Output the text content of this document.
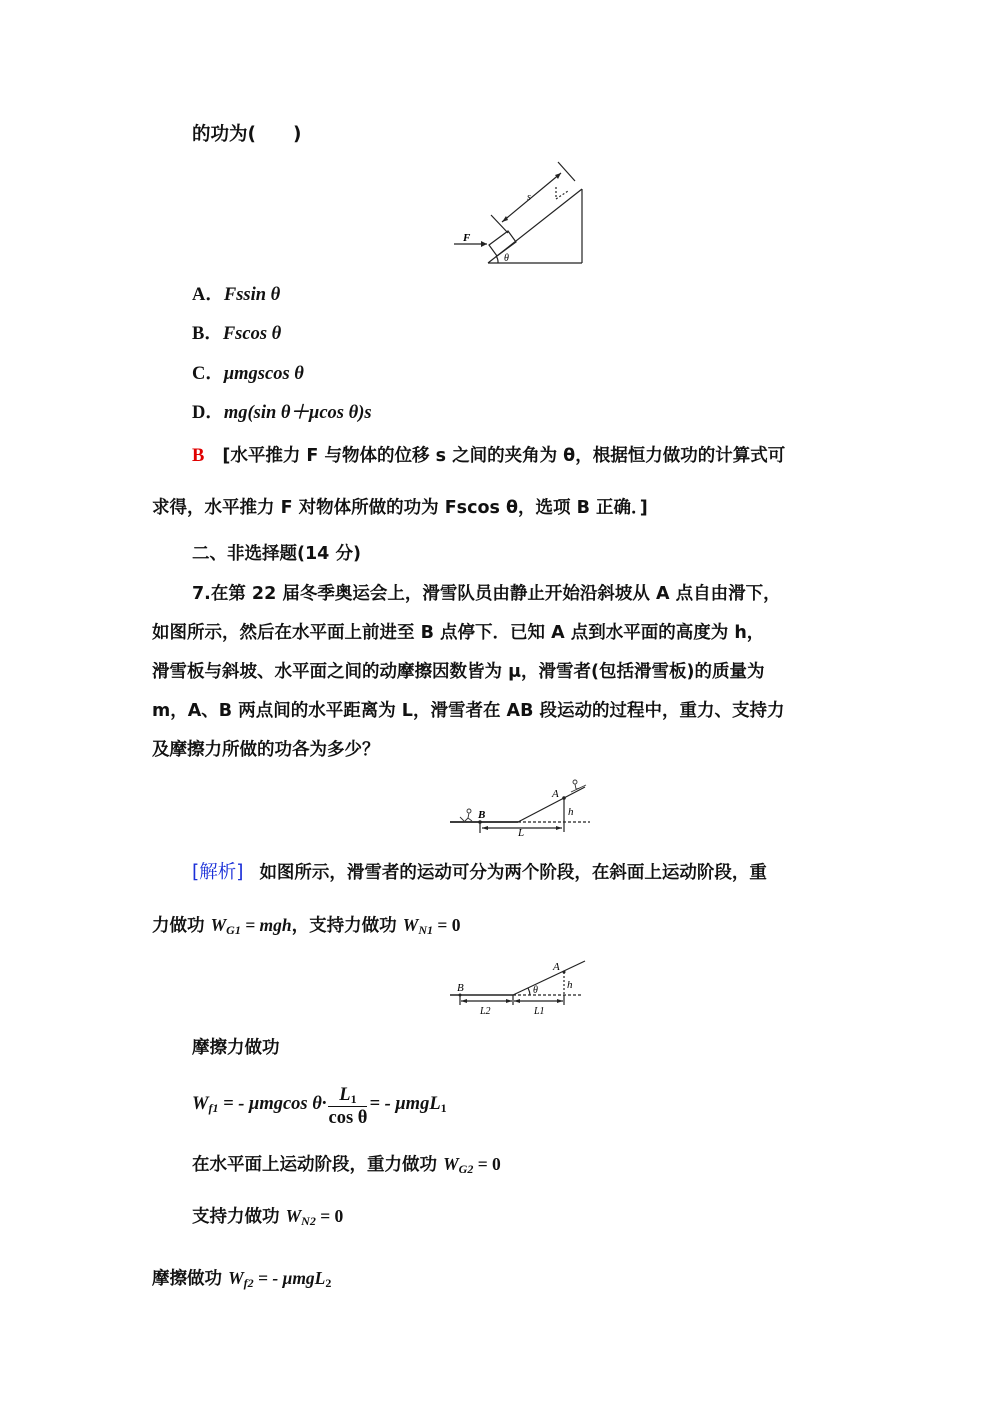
的功为(　　)
F
s
θ
A．Fssin θ
B．Fscos θ
C．μmgscos θ
D．mg(sin θ＋μcos θ)s
B [水平推力 F 与物体的位移 s 之间的夹角为 θ，根据恒力做功的计算式可
求得，水平推力 F 对物体所做的功为 Fscos θ，选项 B 正确．]
二、非选择题(14 分)
7.在第 22 届冬季奥运会上，滑雪队员由静止开始沿斜坡从 A 点自由滑下，
如图所示，然后在水平面上前进至 B 点停下．已知 A 点到水平面的高度为 h，
滑雪板与斜坡、水平面之间的动摩擦因数皆为 μ，滑雪者(包括滑雪板)的质量为
m，A、B 两点间的水平距离为 L，滑雪者在 AB 段运动的过程中，重力、支持力
及摩擦力所做的功各为多少？
A
B	h
L
[解析] 如图所示，滑雪者的运动可分为两个阶段，在斜面上运动阶段，重
力做功 $W_{G1}$ = mgh，支持力做功 $W_{N1} = 0$
A
B	h
θ
L2	L1
摩擦力做功
$W_{f1}$ = - μmgcos $\theta\cdot \frac{L_1}{\text{cos θ}}$ = - μmgL$_1$
在水平面上运动阶段，重力做功 $W_{G2} = 0$
支持力做功 $W_{N2} = 0$
摩擦做功 $W_{f2}$ = - μmgL$_2$
